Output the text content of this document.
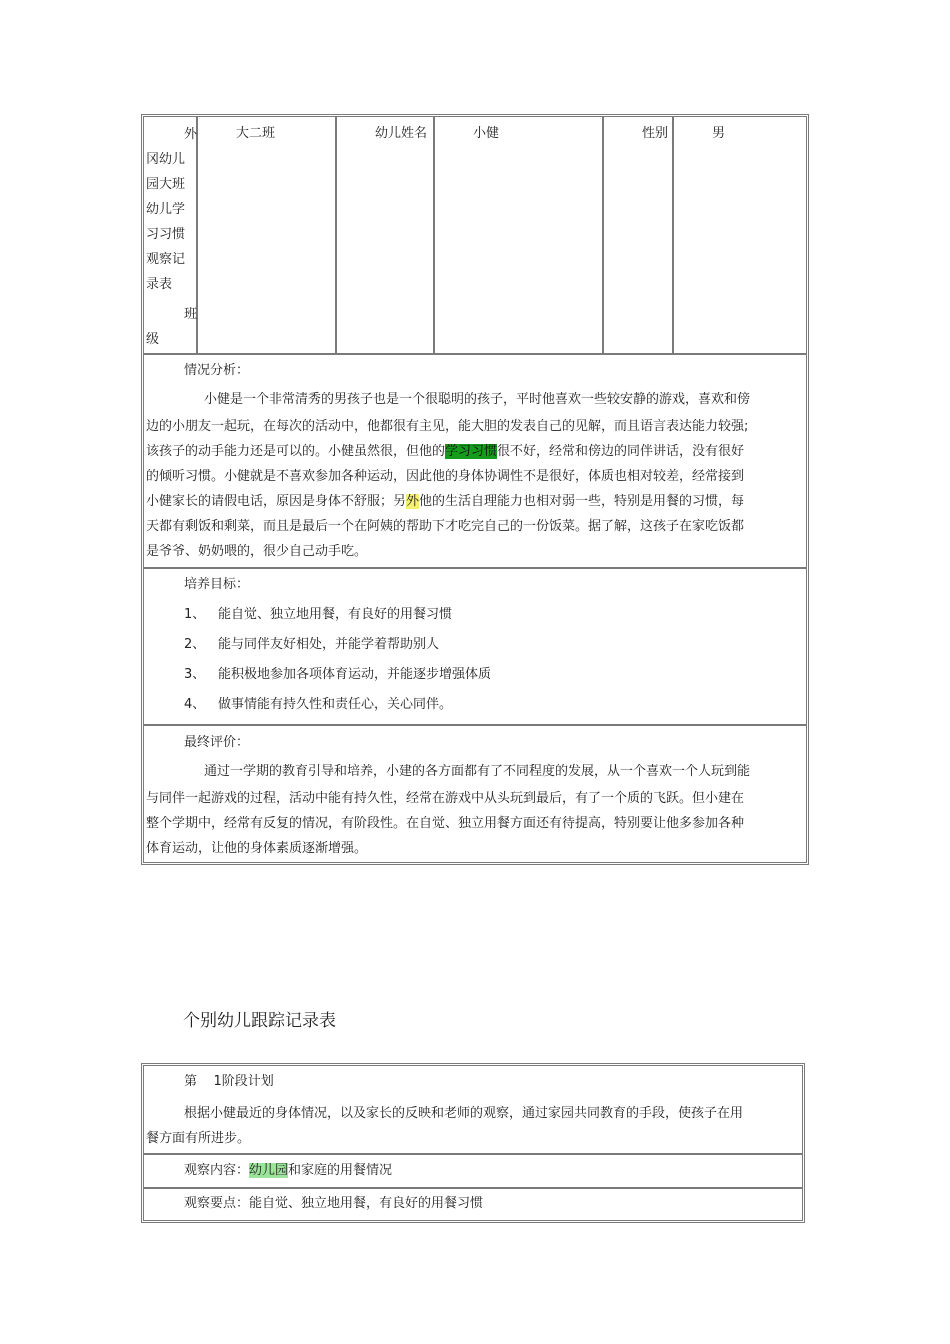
外
冈幼儿
园大班
幼儿学
习习惯
观察记
录表
班
级
大二班	幼儿姓名	小健	性别	男
情况分析：
小健是一个非常清秀的男孩子也是一个很聪明的孩子，平时他喜欢一些较安静的游戏，喜欢和傍
边的小朋友一起玩，在每次的活动中，他都很有主见，能大胆的发表自己的见解，而且语言表达能力较强;
该孩子的动手能力还是可以的。小健虽然很，但他的学习习惯很不好，经常和傍边的同伴讲话，没有很好
的倾听习惯。小健就是不喜欢参加各种运动，因此他的身体协调性不是很好，体质也相对较差，经常接到
小健家长的请假电话，原因是身体不舒服；另外他的生活自理能力也相对弱一些，特别是用餐的习惯，每
天都有剩饭和剩菜，而且是最后一个在阿姨的帮助下才吃完自己的一份饭菜。据了解，这孩子在家吃饭都
是爷爷、奶奶喂的，很少自己动手吃。
培养目标：
1、 能自觉、独立地用餐，有良好的用餐习惯
2、 能与同伴友好相处，并能学着帮助别人
3、 能积极地参加各项体育运动，并能逐步增强体质
4、 做事情能有持久性和责任心，关心同伴。
最终评价：
通过一学期的教育引导和培养，小建的各方面都有了不同程度的发展，从一个喜欢一个人玩到能
与同伴一起游戏的过程，活动中能有持久性，经常在游戏中从头玩到最后，有了一个质的飞跃。但小建在
整个学期中，经常有反复的情况，有阶段性。在自觉、独立用餐方面还有待提高，特别要让他多参加各种
体育运动，让他的身体素质逐渐增强。
个别幼儿跟踪记录表
第    1阶段计划
根据小健最近的身体情况，以及家长的反映和老师的观察，通过家园共同教育的手段，使孩子在用
餐方面有所进步。
观察内容：幼儿园和家庭的用餐情况
观察要点：能自觉、独立地用餐，有良好的用餐习惯
